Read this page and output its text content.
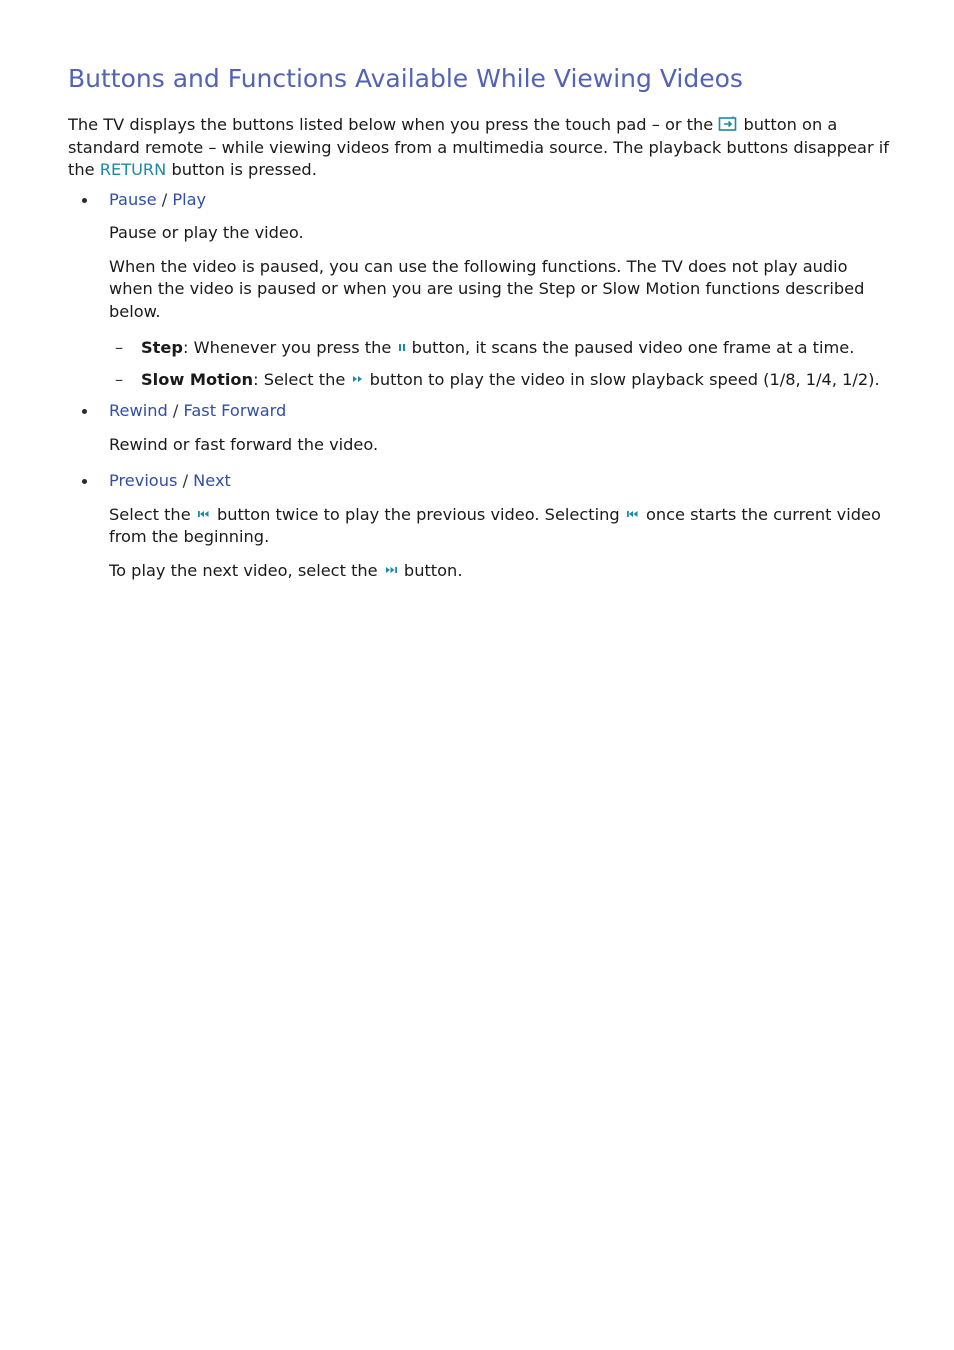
Buttons and Functions Available While Viewing Videos

The TV displays the buttons listed below when you press the touch pad – or the  button on a standard remote – while viewing videos from a multimedia source. The playback buttons disappear if the RETURN button is pressed.

Pause / Play

Pause or play the video.

When the video is paused, you can use the following functions. The TV does not play audio when the video is paused or when you are using the Step or Slow Motion functions described below.

– Step: Whenever you press the  button, it scans the paused video one frame at a time.

– Slow Motion: Select the  button to play the video in slow playback speed (1/8, 1/4, 1/2).

Rewind / Fast Forward

Rewind or fast forward the video.

Previous / Next

Select the  button twice to play the previous video. Selecting  once starts the current video from the beginning.

To play the next video, select the  button.
